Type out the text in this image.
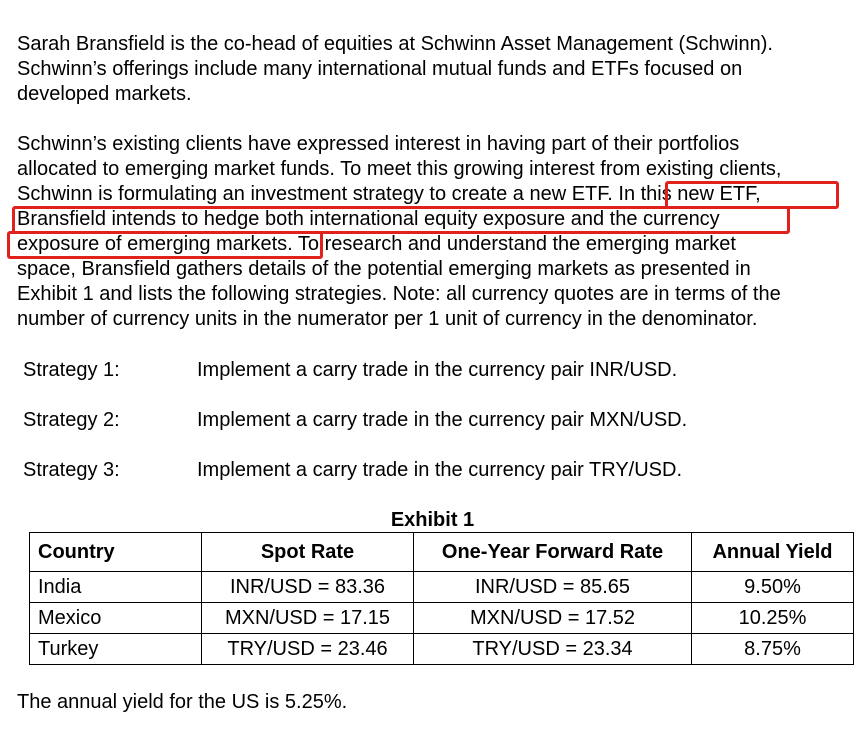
Sarah Bransfield is the co-head of equities at Schwinn Asset Management (Schwinn).
Schwinn’s offerings include many international mutual funds and ETFs focused on
developed markets.
Schwinn’s existing clients have expressed interest in having part of their portfolios
allocated to emerging market funds. To meet this growing interest from existing clients,
Schwinn is formulating an investment strategy to create a new ETF. In this new ETF,
Bransfield intends to hedge both international equity exposure and the currency
exposure of emerging markets. To research and understand the emerging market
space, Bransfield gathers details of the potential emerging markets as presented in
Exhibit 1 and lists the following strategies. Note: all currency quotes are in terms of the
number of currency units in the numerator per 1 unit of currency in the denominator.
Strategy 1:	Implement a carry trade in the currency pair INR/USD.
Strategy 2:	Implement a carry trade in the currency pair MXN/USD.
Strategy 3:	Implement a carry trade in the currency pair TRY/USD.
Exhibit 1
Country	Spot Rate	One-Year Forward Rate	Annual Yield
India	INR/USD = 83.36	INR/USD = 85.65	9.50%
Mexico	MXN/USD = 17.15	MXN/USD = 17.52	10.25%
Turkey	TRY/USD = 23.46	TRY/USD = 23.34	8.75%
The annual yield for the US is 5.25%.
